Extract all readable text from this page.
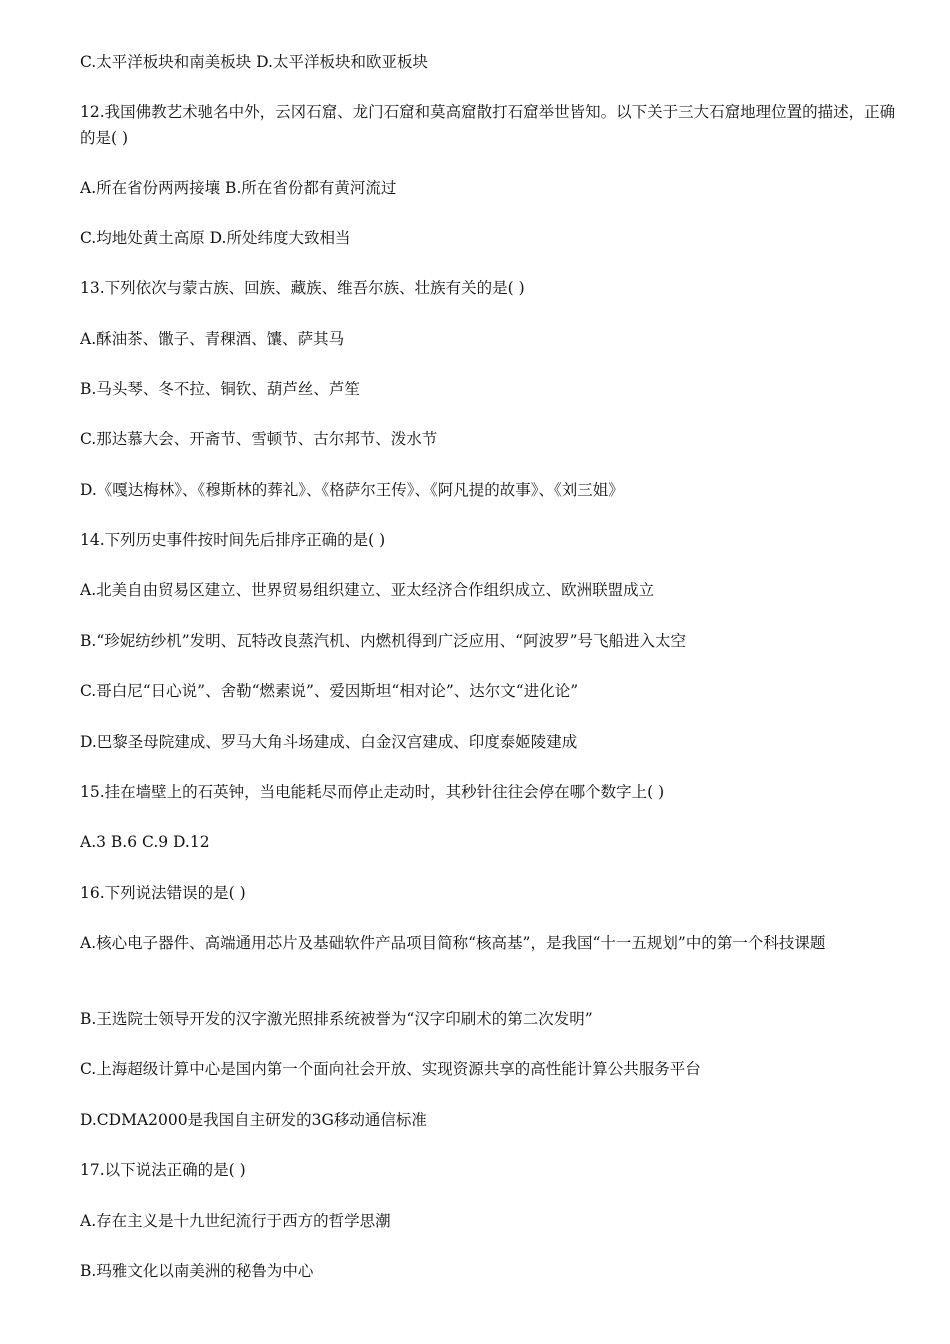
C.太平洋板块和南美板块 D.太平洋板块和欧亚板块
12.我国佛教艺术驰名中外，云冈石窟、龙门石窟和莫高窟散打石窟举世皆知。以下关于三大石窟地理位置的描述，正确的是( )
A.所在省份两两接壤 B.所在省份都有黄河流过
C.均地处黄土高原 D.所处纬度大致相当
13.下列依次与蒙古族、回族、藏族、维吾尔族、壮族有关的是( )
A.酥油茶、馓子、青稞酒、馕、萨其马
B.马头琴、冬不拉、铜钦、葫芦丝、芦笙
C.那达慕大会、开斋节、雪顿节、古尔邦节、泼水节
D.《嘎达梅林》、《穆斯林的葬礼》、《格萨尔王传》、《阿凡提的故事》、《刘三姐》
14.下列历史事件按时间先后排序正确的是( )
A.北美自由贸易区建立、世界贸易组织建立、亚太经济合作组织成立、欧洲联盟成立
B.“珍妮纺纱机”发明、瓦特改良蒸汽机、内燃机得到广泛应用、“阿波罗”号飞船进入太空
C.哥白尼“日心说”、舍勒“燃素说”、爱因斯坦“相对论”、达尔文“进化论”
D.巴黎圣母院建成、罗马大角斗场建成、白金汉宫建成、印度泰姬陵建成
15.挂在墙壁上的石英钟，当电能耗尽而停止走动时，其秒针往往会停在哪个数字上( )
A.3 B.6 C.9 D.12
16.下列说法错误的是( )
A.核心电子器件、高端通用芯片及基础软件产品项目简称“核高基”，是我国“十一五规划”中的第一个科技课题
B.王选院士领导开发的汉字激光照排系统被誉为“汉字印刷术的第二次发明”
C.上海超级计算中心是国内第一个面向社会开放、实现资源共享的高性能计算公共服务平台
D.CDMA2000是我国自主研发的3G移动通信标准
17.以下说法正确的是( )
A.存在主义是十九世纪流行于西方的哲学思潮
B.玛雅文化以南美洲的秘鲁为中心
